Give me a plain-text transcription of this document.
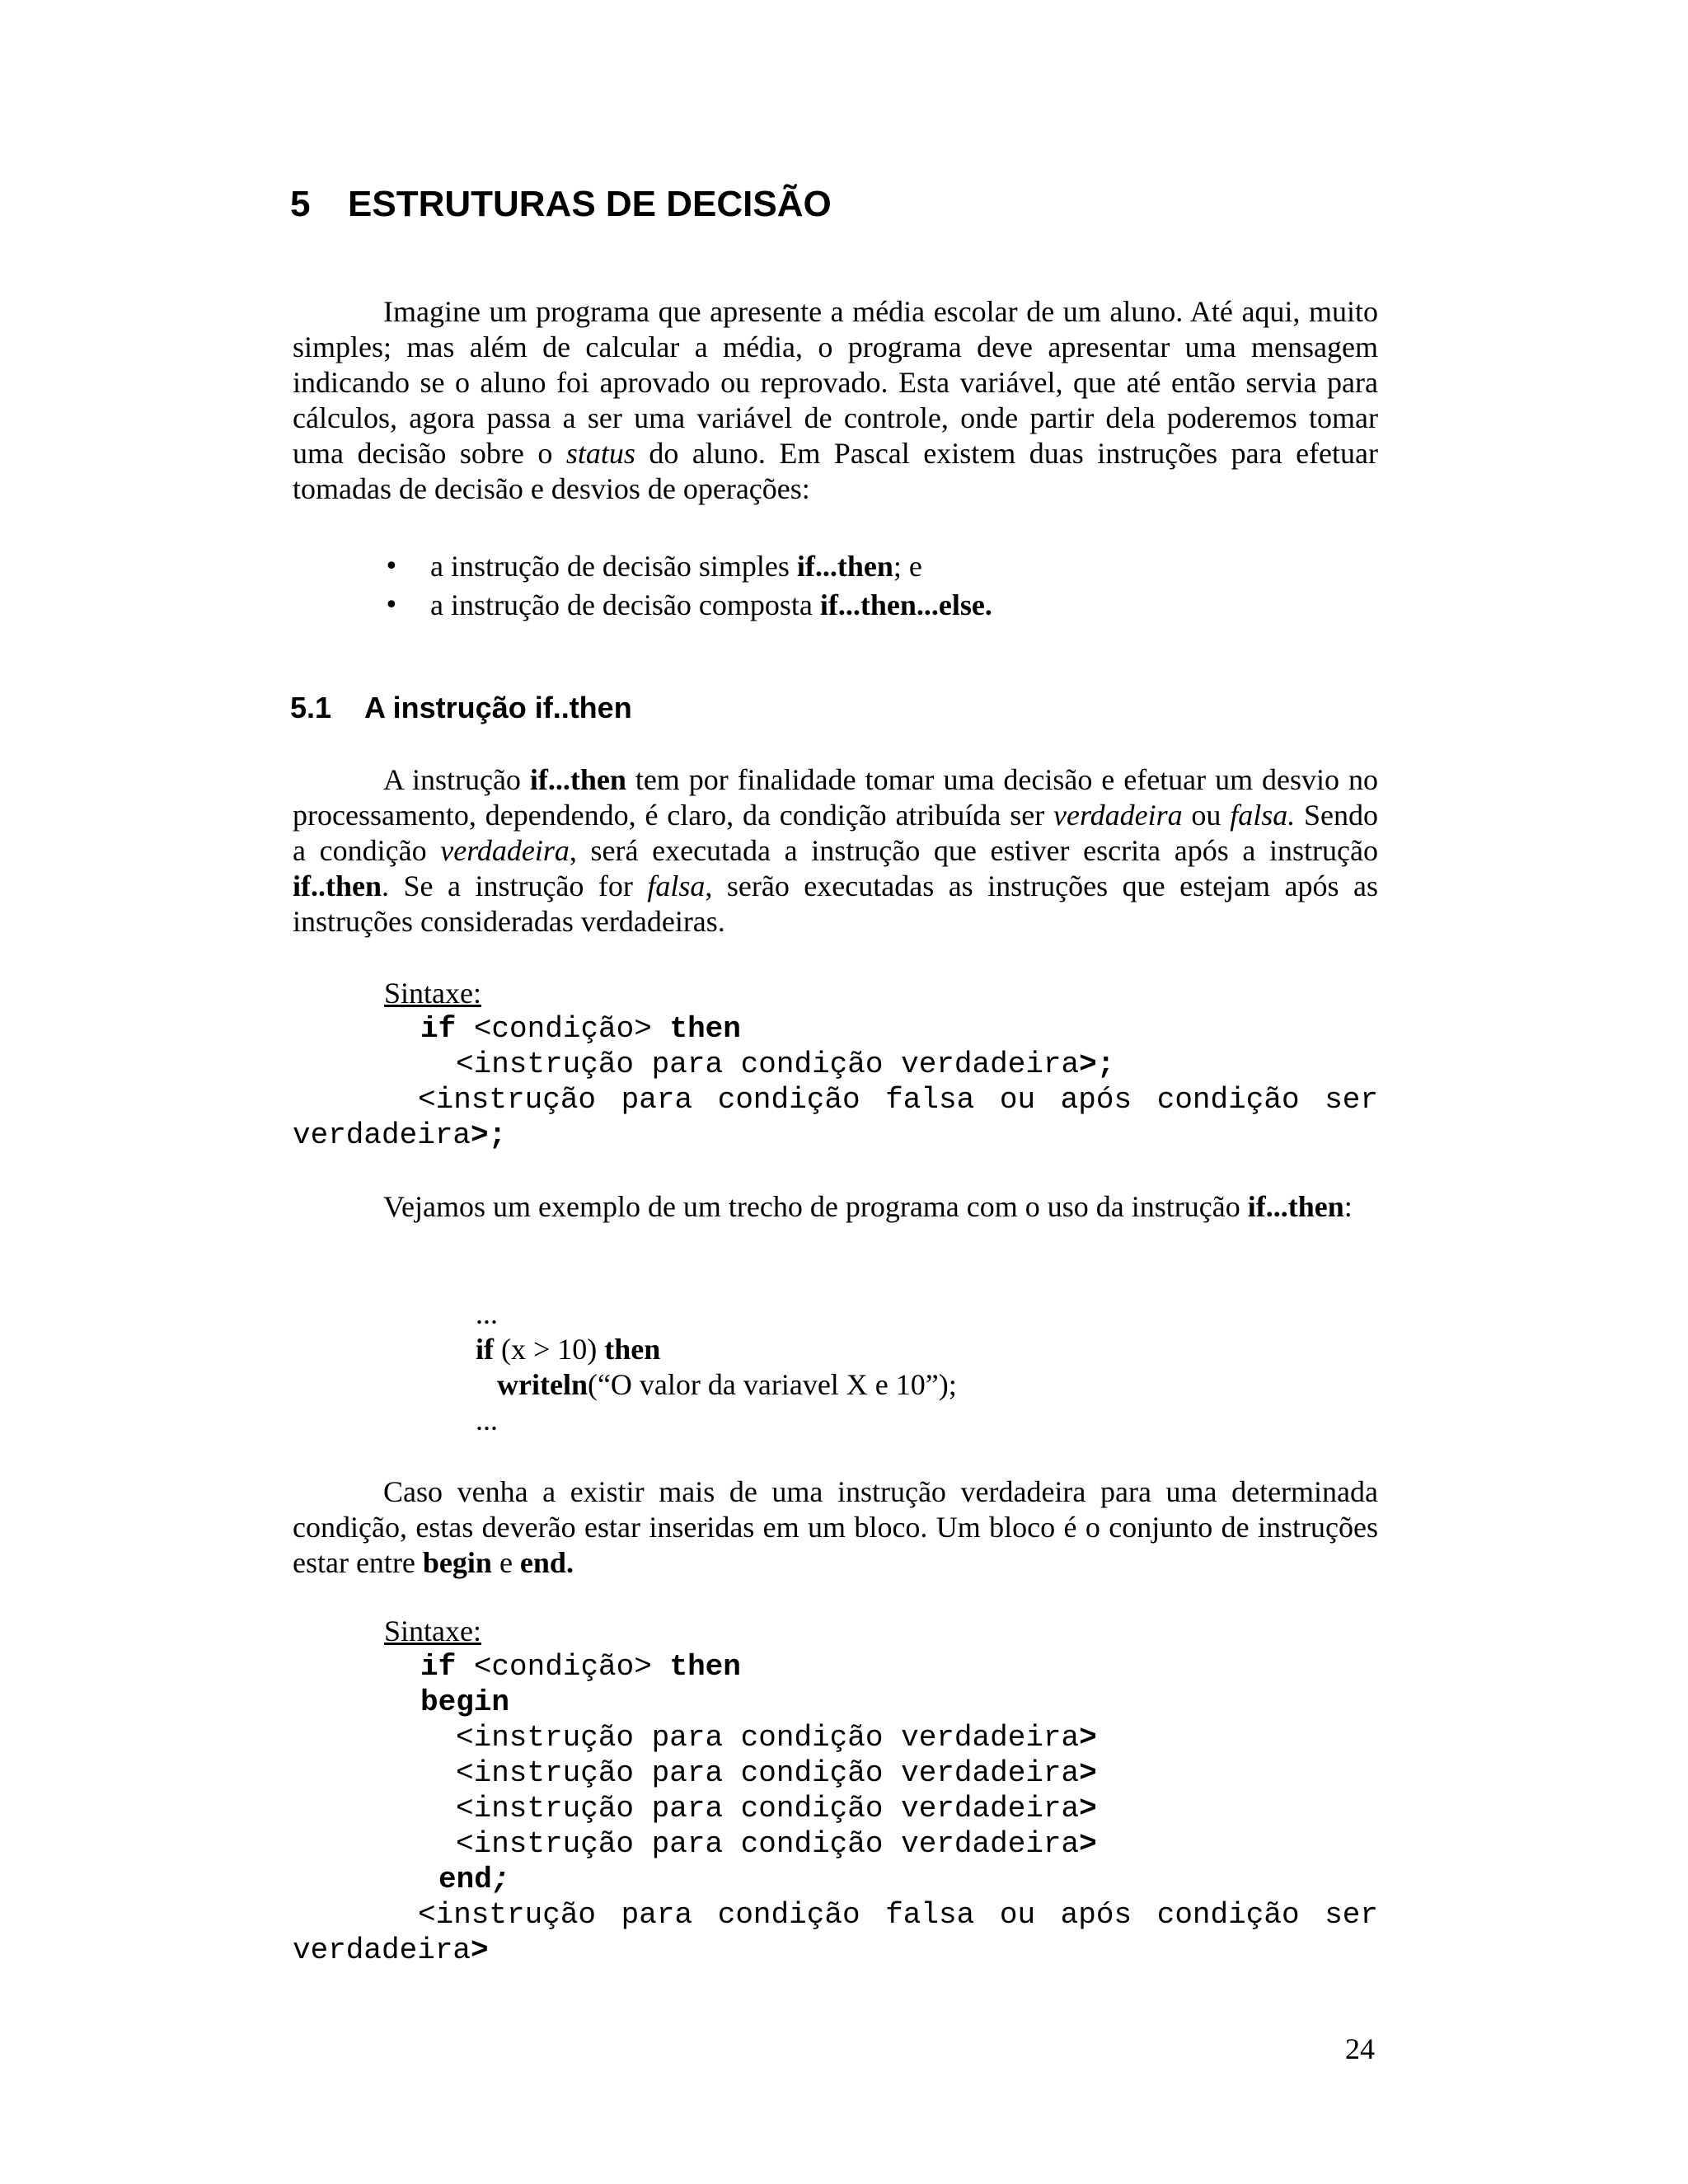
5 ESTRUTURAS DE DECISÃO

Imagine um programa que apresente a média escolar de um aluno. Até aqui, muito simples; mas além de calcular a média, o programa deve apresentar uma mensagem indicando se o aluno foi aprovado ou reprovado. Esta variável, que até então servia para cálculos, agora passa a ser uma variável de controle, onde partir dela poderemos tomar uma decisão sobre o status do aluno. Em Pascal existem duas instruções para efetuar tomadas de decisão e desvios de operações:

• a instrução de decisão simples if...then; e
• a instrução de decisão composta if...then...else.
5.1 A instrução if..then

A instrução if...then tem por finalidade tomar uma decisão e efetuar um desvio no processamento, dependendo, é claro, da condição atribuída ser verdadeira ou falsa. Sendo a condição verdadeira, será executada a instrução que estiver escrita após a instrução if..then. Se a instrução for falsa, serão executadas as instruções que estejam após as instruções consideradas verdadeiras.

Sintaxe:
if <condição> then
<instrução para condição verdadeira>;

<instrução para condição falsa ou após condição ser verdadeira>;

Vejamos um exemplo de um trecho de programa com o uso da instrução if...then:

...
if (x > 10) then
writeln(“O valor da variavel X e 10”);
...

Caso venha a existir mais de uma instrução verdadeira para uma determinada condição, estas deverão estar inseridas em um bloco. Um bloco é o conjunto de instruções estar entre begin e end.

Sintaxe:
if <condição> then
begin
<instrução para condição verdadeira>
<instrução para condição verdadeira>
<instrução para condição verdadeira>
<instrução para condição verdadeira>
end;

<instrução para condição falsa ou após condição ser verdadeira>

24
